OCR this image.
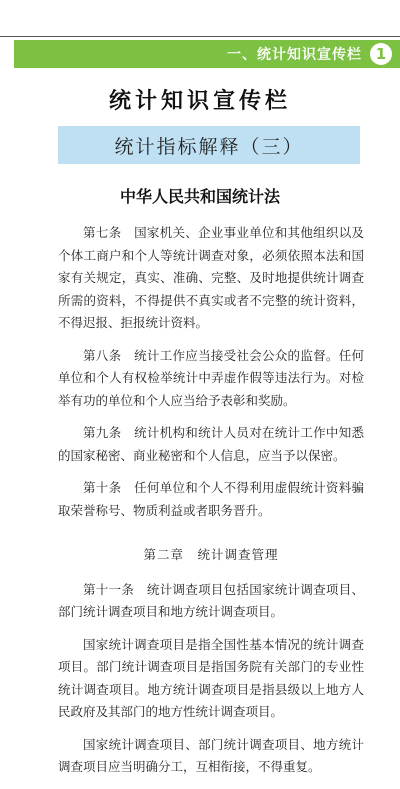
一、统计知识宣传栏 1
统计知识宣传栏
统计指标解释（三）
中华人民共和国统计法

第七条　国家机关、企业事业单位和其他组织以及个体工商户和个人等统计调查对象，必须依照本法和国家有关规定，真实、准确、完整、及时地提供统计调查所需的资料，不得提供不真实或者不完整的统计资料，不得迟报、拒报统计资料。

第八条　统计工作应当接受社会公众的监督。任何单位和个人有权检举统计中弄虚作假等违法行为。对检举有功的单位和个人应当给予表彰和奖励。

第九条　统计机构和统计人员对在统计工作中知悉的国家秘密、商业秘密和个人信息，应当予以保密。

第十条　任何单位和个人不得利用虚假统计资料骗取荣誉称号、物质利益或者职务晋升。

第二章　统计调查管理

第十一条　统计调查项目包括国家统计调查项目、部门统计调查项目和地方统计调查项目。

国家统计调查项目是指全国性基本情况的统计调查项目。部门统计调查项目是指国务院有关部门的专业性统计调查项目。地方统计调查项目是指县级以上地方人民政府及其部门的地方性统计调查项目。

国家统计调查项目、部门统计调查项目、地方统计调查项目应当明确分工，互相衔接，不得重复。
